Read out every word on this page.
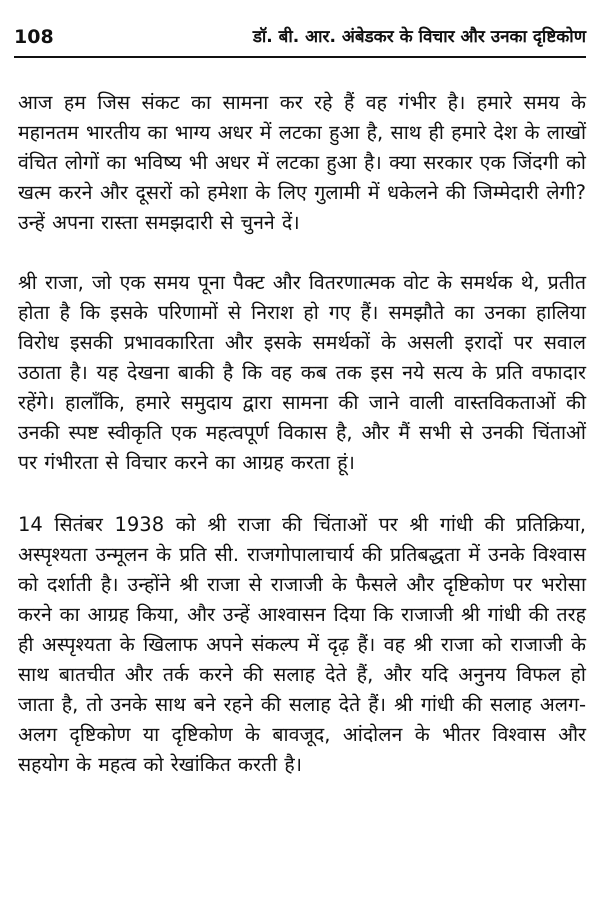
108	डॉ. बी. आर. अंबेडकर के विचार और उनका दृष्टिकोण

आज हम जिस संकट का सामना कर रहे हैं वह गंभीर है। हमारे समय के महानतम भारतीय का भाग्य अधर में लटका हुआ है, साथ ही हमारे देश के लाखों वंचित लोगों का भविष्य भी अधर में लटका हुआ है। क्या सरकार एक जिंदगी को खत्म करने और दूसरों को हमेशा के लिए गुलामी में धकेलने की जिम्मेदारी लेगी? उन्हें अपना रास्ता समझदारी से चुनने दें।

श्री राजा, जो एक समय पूना पैक्ट और वितरणात्मक वोट के समर्थक थे, प्रतीत होता है कि इसके परिणामों से निराश हो गए हैं। समझौते का उनका हालिया विरोध इसकी प्रभावकारिता और इसके समर्थकों के असली इरादों पर सवाल उठाता है। यह देखना बाकी है कि वह कब तक इस नये सत्य के प्रति वफादार रहेंगे। हालाँकि, हमारे समुदाय द्वारा सामना की जाने वाली वास्तविकताओं की उनकी स्पष्ट स्वीकृति एक महत्वपूर्ण विकास है, और मैं सभी से उनकी चिंताओं पर गंभीरता से विचार करने का आग्रह करता हूं।

14 सितंबर 1938 को श्री राजा की चिंताओं पर श्री गांधी की प्रतिक्रिया, अस्पृश्यता उन्मूलन के प्रति सी. राजगोपालाचार्य की प्रतिबद्धता में उनके विश्वास को दर्शाती है। उन्होंने श्री राजा से राजाजी के फैसले और दृष्टिकोण पर भरोसा करने का आग्रह किया, और उन्हें आश्वासन दिया कि राजाजी श्री गांधी की तरह ही अस्पृश्यता के खिलाफ अपने संकल्प में दृढ़ हैं। वह श्री राजा को राजाजी के साथ बातचीत और तर्क करने की सलाह देते हैं, और यदि अनुनय विफल हो जाता है, तो उनके साथ बने रहने की सलाह देते हैं। श्री गांधी की सलाह अलग-अलग दृष्टिकोण या दृष्टिकोण के बावजूद, आंदोलन के भीतर विश्वास और सहयोग के महत्व को रेखांकित करती है।
